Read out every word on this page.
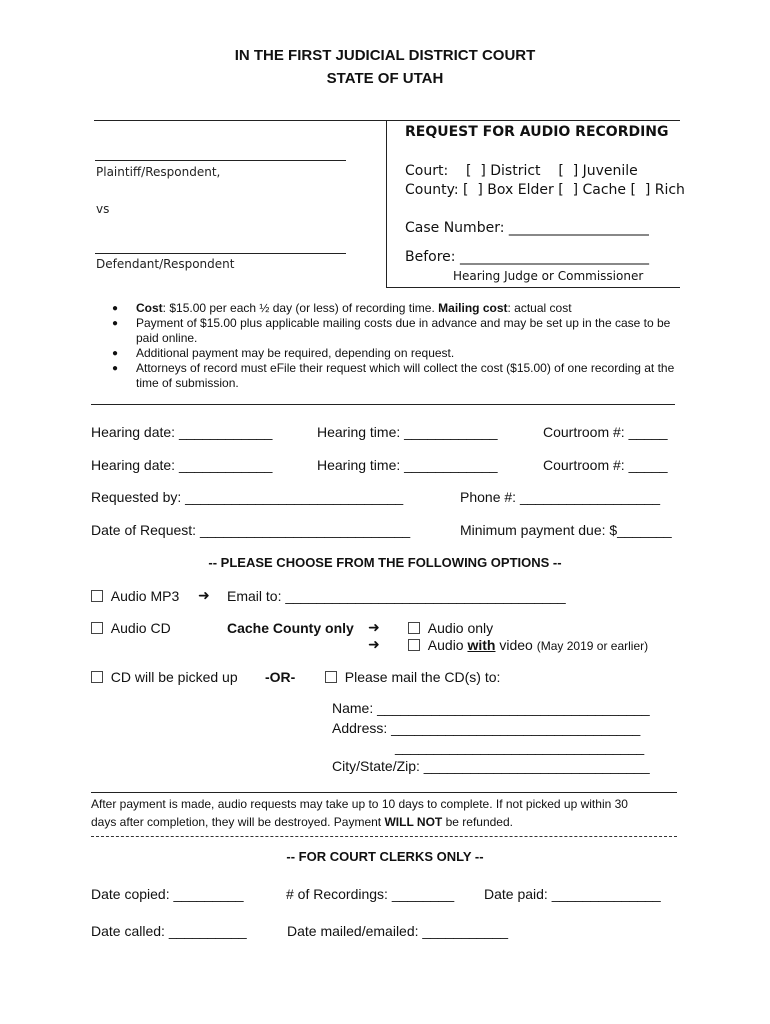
IN THE FIRST JUDICIAL DISTRICT COURT
STATE OF UTAH
Plaintiff/Respondent,
vs
Defendant/Respondent
REQUEST FOR AUDIO RECORDING
Court:    [  ] District    [  ] Juvenile
County: [  ] Box Elder [  ] Cache [  ] Rich
Case Number: ____________________
Before: ___________________________
Hearing Judge or Commissioner
● Cost: $15.00 per each ½ day (or less) of recording time. Mailing cost: actual cost
● Payment of $15.00 plus applicable mailing costs due in advance and may be set up in the case to be paid online.
● Additional payment may be required, depending on request.
● Attorneys of record must eFile their request which will collect the cost ($15.00) of one recording at the time of submission.
Hearing date: ____________	Hearing time: ____________	Courtroom #: _____
Hearing date: ____________	Hearing time: ____________	Courtroom #: _____
Requested by: ____________________________	Phone #: __________________
Date of Request: ___________________________	Minimum payment due: $_______
-- PLEASE CHOOSE FROM THE FOLLOWING OPTIONS --
Audio MP3 ➜ Email to: ____________________________________
Audio CD	Cache County only ➜	Audio only
➜	Audio with video (May 2019 or earlier)
CD will be picked up -OR-	Please mail the CD(s) to:
Name: ___________________________________
Address: ________________________________
________________________________
City/State/Zip: _____________________________
After payment is made, audio requests may take up to 10 days to complete. If not picked up within 30
days after completion, they will be destroyed. Payment WILL NOT be refunded.
-- FOR COURT CLERKS ONLY --
Date copied: _________	# of Recordings: ________ Date paid: ______________
Date called: __________	Date mailed/emailed: ___________
